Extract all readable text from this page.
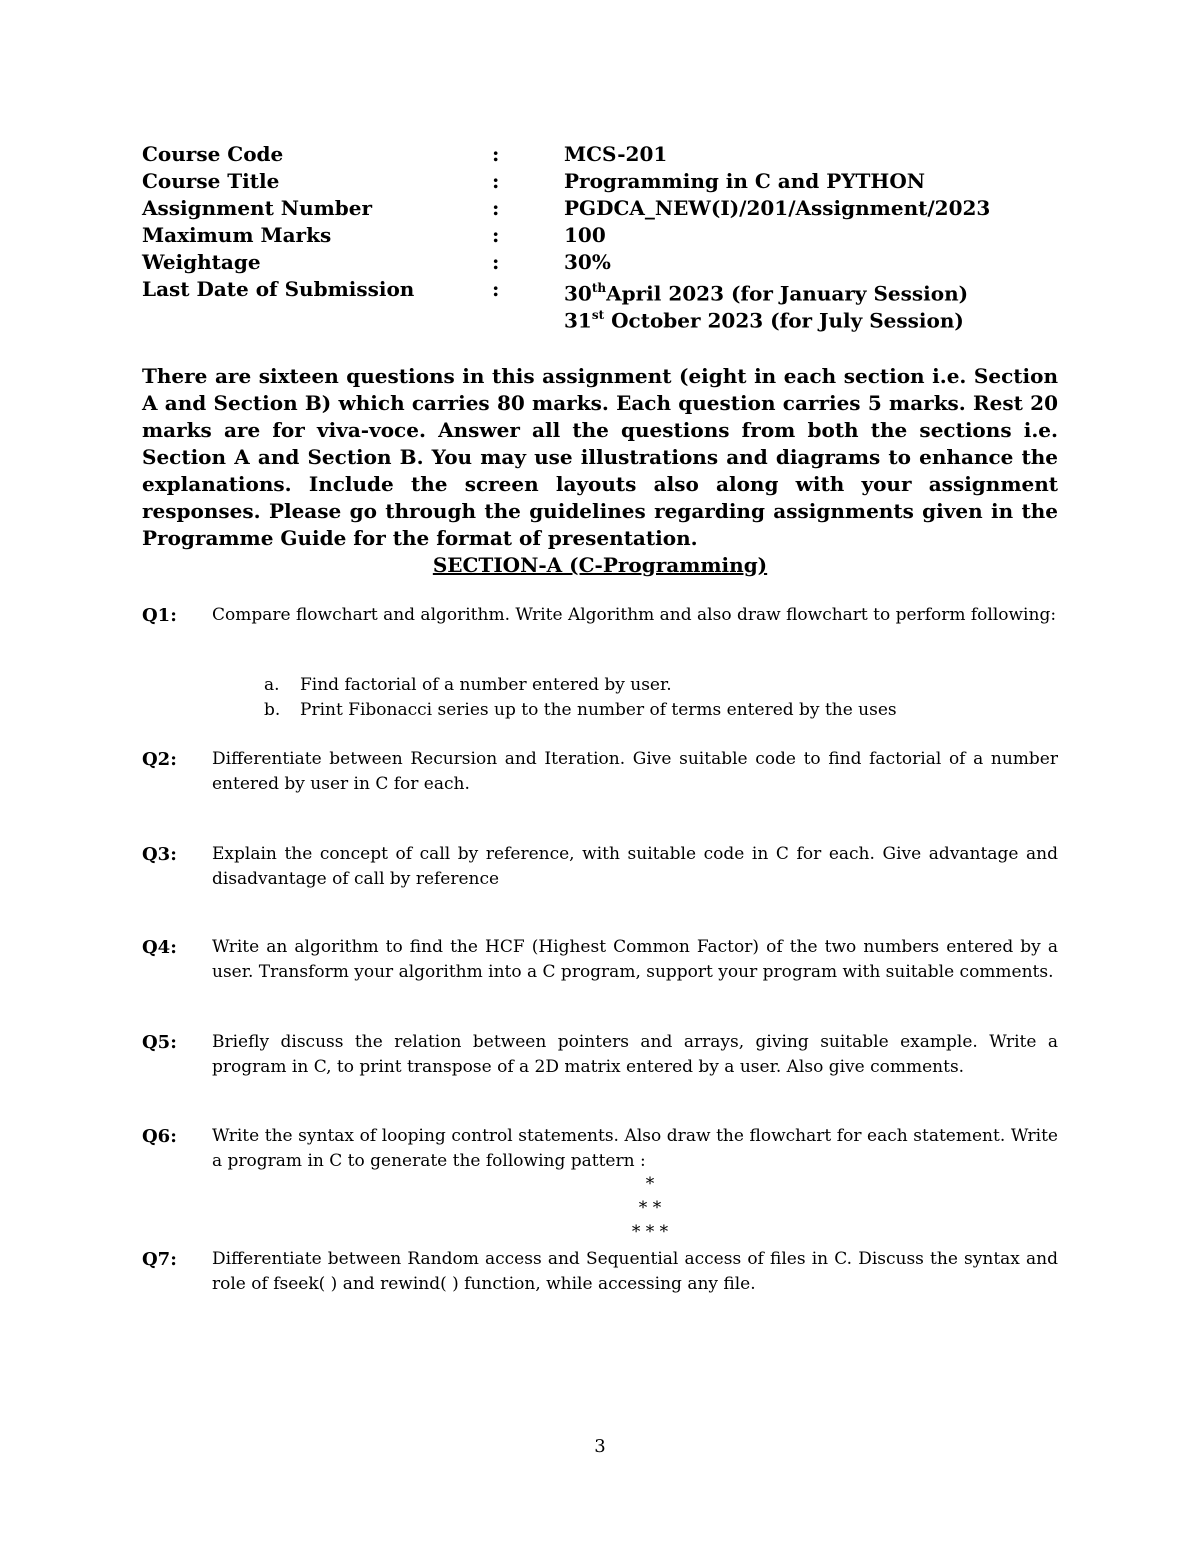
Course Code	:	MCS-201
Course Title	:	Programming in C and PYTHON
Assignment Number	:	PGDCA_NEW(I)/201/Assignment/2023
Maximum Marks	:	100
Weightage	:	30%
Last Date of Submission	:	30thApril 2023 (for January Session)
31st October 2023 (for July Session)
There are sixteen questions in this assignment (eight in each section i.e. Section A and Section B) which carries 80 marks. Each question carries 5 marks. Rest 20 marks are for viva-voce. Answer all the questions from both the sections i.e. Section A and Section B. You may use illustrations and diagrams to enhance the explanations. Include the screen layouts also along with your assignment responses. Please go through the guidelines regarding assignments given in the Programme Guide for the format of presentation.
SECTION-A (C-Programming)
Q1: Compare flowchart and algorithm. Write Algorithm and also draw flowchart to perform following:
a. Find factorial of a number entered by user.
b. Print Fibonacci series up to the number of terms entered by the uses
Q2: Differentiate between Recursion and Iteration. Give suitable code to find factorial of a number entered by user in C for each.
Q3: Explain the concept of call by reference, with suitable code in C for each. Give advantage and disadvantage of call by reference
Q4: Write an algorithm to find the HCF (Highest Common Factor) of the two numbers entered by a user. Transform your algorithm into a C program, support your program with suitable comments.
Q5: Briefly discuss the relation between pointers and arrays, giving suitable example. Write a program in C, to print transpose of a 2D matrix entered by a user. Also give comments.
Q6: Write the syntax of looping control statements. Also draw the flowchart for each statement. Write a program in C to generate the following pattern :
*
* *
* * *
Q7: Differentiate between Random access and Sequential access of files in C. Discuss the syntax and role of fseek( ) and rewind( ) function, while accessing any file.
3
